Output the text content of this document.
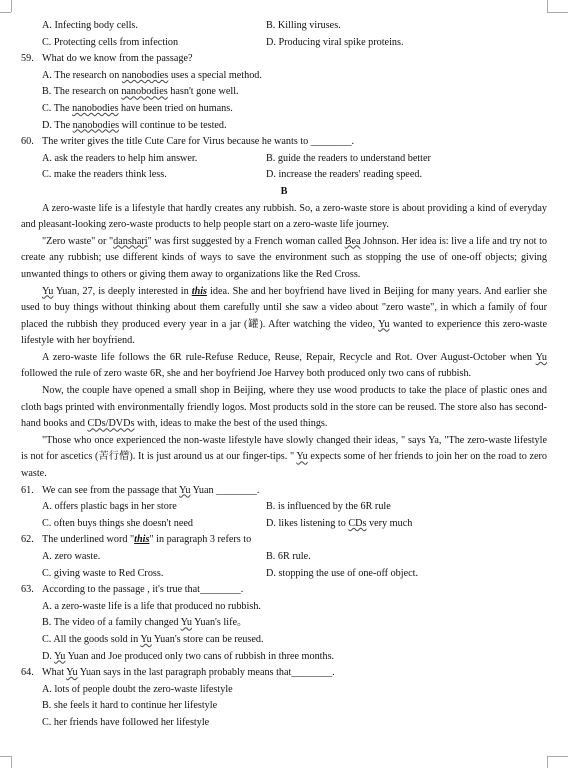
A. Infecting body cells.	B. Killing viruses.
C. Protecting cells from infection	D. Producing viral spike proteins.
59. What do we know from the passage?
A. The research on nanobodies uses a special method.
B. The research on nanobodies hasn't gone well.
C. The nanobodies have been tried on humans.
D. The nanobodies will continue to be tested.
60. The writer gives the title Cute Care for Virus because he wants to ________.
A. ask the readers to help him answer.	B. guide the readers to understand better
C. make the readers think less.	D. increase the readers' reading speed.
B

A zero-waste life is a lifestyle that hardly creates any rubbish. So, a zero-waste store is about providing a kind of everyday and pleasant-looking zero-waste products to help people start on a zero-waste life journey.

"Zero waste" or "danshari" was first suggested by a French woman called Bea Johnson. Her idea is: live a life and try not to create any rubbish; use different kinds of ways to save the environment such as stopping the use of one-off objects; giving unwanted things to others or giving them away to organizations like the Red Cross.

Yu Yuan, 27, is deeply interested in this idea. She and her boyfriend have lived in Beijing for many years. And earlier she used to buy things without thinking about them carefully until she saw a video about "zero waste", in which a family of four placed the rubbish they produced every year in a jar (罐). After watching the video, Yu wanted to experience this zero-waste lifestyle with her boyfriend.

A zero-waste life follows the 6R rule-Refuse Reduce, Reuse, Repair, Recycle and Rot. Over August-October when Yu followed the rule of zero waste 6R, she and her boyfriend Joe Harvey both produced only two cans of rubbish.

Now, the couple have opened a small shop in Beijing, where they use wood products to take the place of plastic ones and cloth bags printed with environmentally friendly logos. Most products sold in the store can be reused. The store also has second-hand books and CDs/DVDs with, ideas to make the best of the used things.

"Those who once experienced the non-waste lifestyle have slowly changed their ideas, " says Ya, "The zero-waste lifestyle is not for ascetics (苦行僧). It is just around us at our finger-tips. " Yu expects some of her friends to join her on the road to zero waste.

61. We can see from the passage that Yu Yuan ________.
A. offers plastic bags in her store	B. is influenced by the 6R rule
C. often buys things she doesn't need	D. likes listening to CDs very much
62. The underlined word "this" in paragraph 3 refers to
A. zero waste.	B. 6R rule.
C. giving waste to Red Cross.	D. stopping the use of one-off object.
63. According to the passage , it's true that________.
A. a zero-waste life is a life that produced no rubbish.
B. The video of a family changed Yu Yuan's life。
C. All the goods sold in Yu Yuan's store can be reused.
D. Yu Yuan and Joe produced only two cans of rubbish in three months.
64. What Yu Yuan says in the last paragraph probably means that________.
A. lots of people doubt the zero-waste lifestyle
B. she feels it hard to continue her lifestyle
C. her friends have followed her lifestyle
